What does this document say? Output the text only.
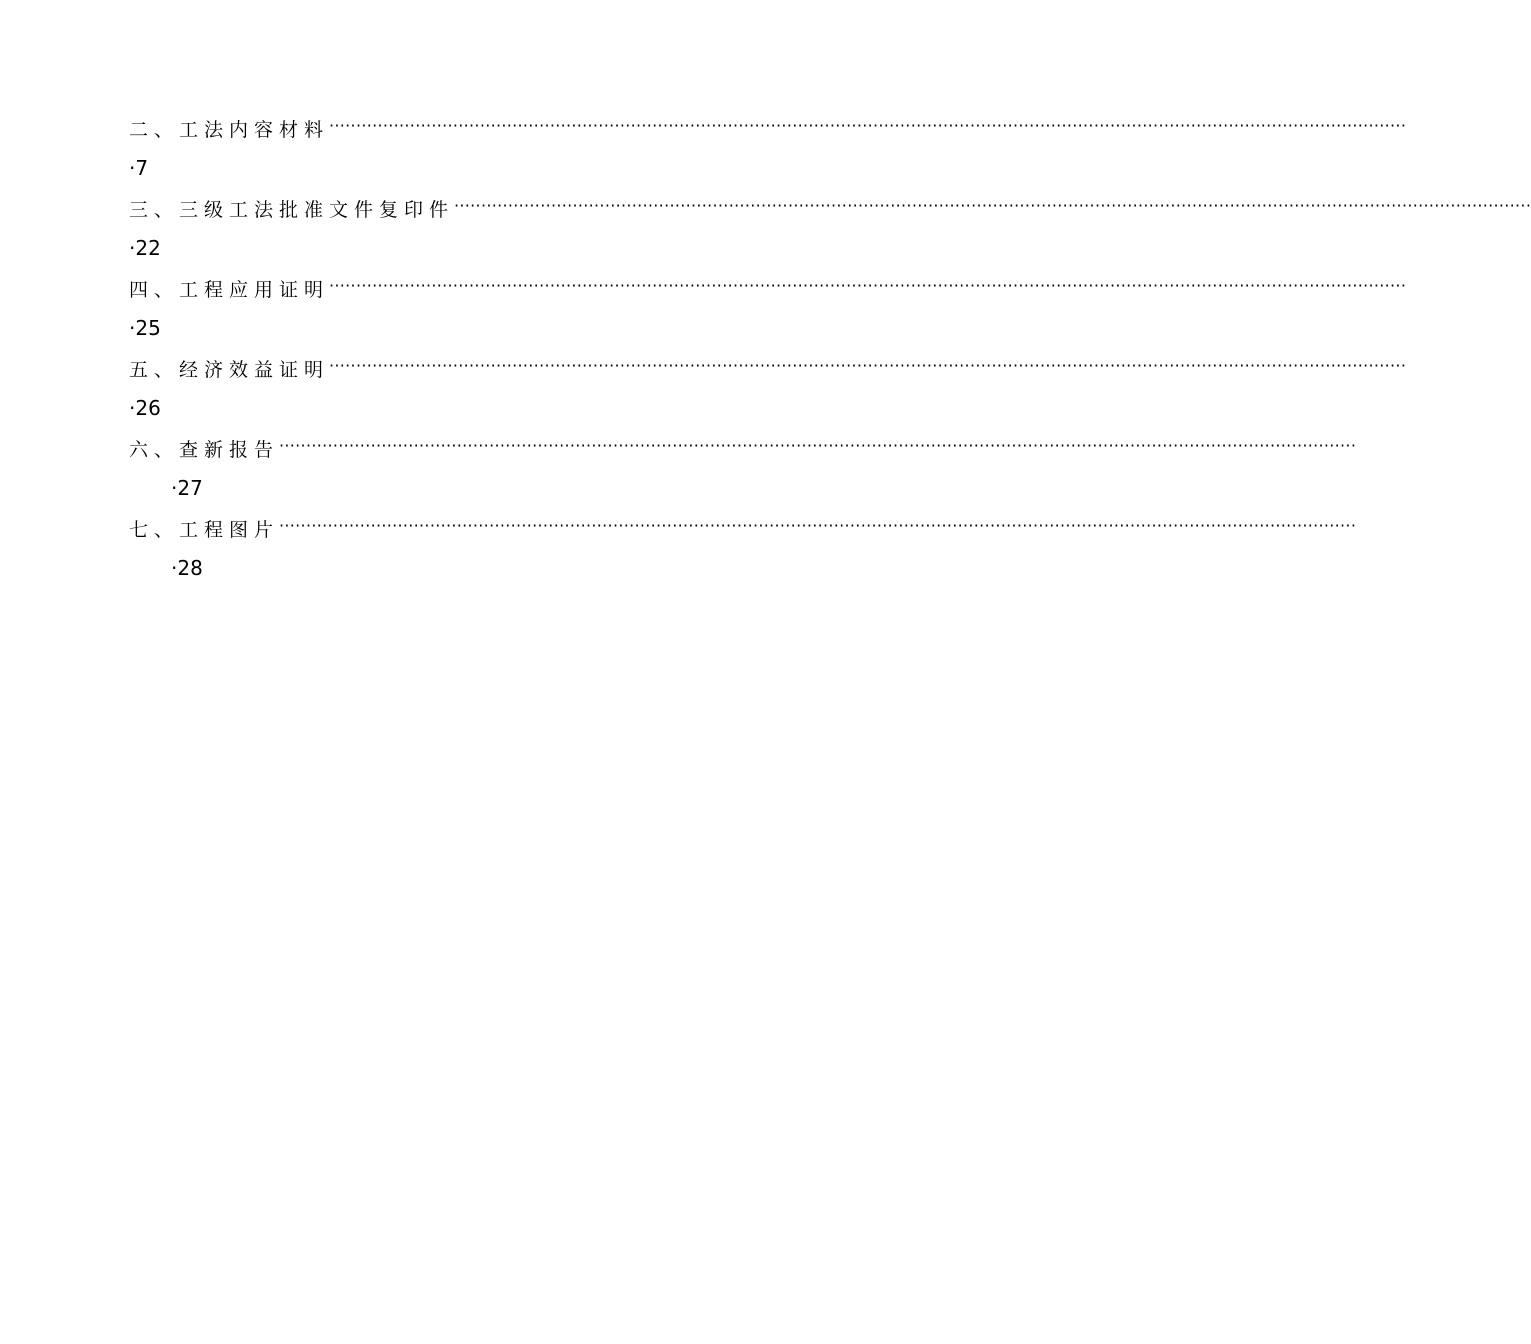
二、工法内容材料 ········································································································································································································
·7
三、三级工法批准文件复印件 ········································································································································································································
·22
四、工程应用证明 ········································································································································································································
·25
五、经济效益证明 ········································································································································································································
·26
六、查新报告 ········································································································································································································
·27
七、工程图片 ········································································································································································································
·28
